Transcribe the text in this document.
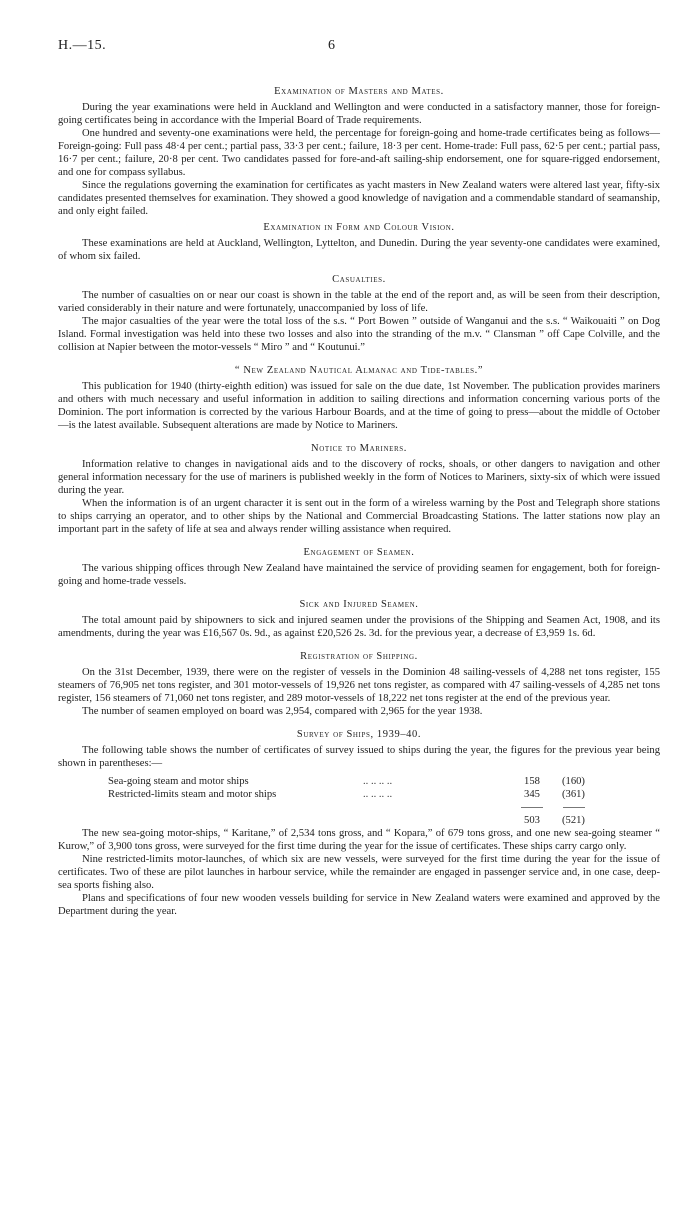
H.—15.	6
Examination of Masters and Mates.

During the year examinations were held in Auckland and Wellington and were conducted in a satisfactory manner, those for foreign-going certificates being in accordance with the Imperial Board of Trade requirements.

One hundred and seventy-one examinations were held, the percentage for foreign-going and home-trade certificates being as follows—Foreign-going: Full pass 48·4 per cent.; partial pass, 33·3 per cent.; failure, 18·3 per cent. Home-trade: Full pass, 62·5 per cent.; partial pass, 16·7 per cent.; failure, 20·8 per cent. Two candidates passed for fore-and-aft sailing-ship endorsement, one for square-rigged endorsement, and one for compass syllabus.

Since the regulations governing the examination for certificates as yacht masters in New Zealand waters were altered last year, fifty-six candidates presented themselves for examination. They showed a good knowledge of navigation and a commendable standard of seamanship, and only eight failed.

Examination in Form and Colour Vision.

These examinations are held at Auckland, Wellington, Lyttelton, and Dunedin. During the year seventy-one candidates were examined, of whom six failed.

Casualties.

The number of casualties on or near our coast is shown in the table at the end of the report and, as will be seen from their description, varied considerably in their nature and were fortunately, unaccompanied by loss of life.

The major casualties of the year were the total loss of the s.s. “ Port Bowen ” outside of Wanganui and the s.s. “ Waikouaiti ” on Dog Island. Formal investigation was held into these two losses and also into the stranding of the m.v. “ Clansman ” off Cape Colville, and the collision at Napier between the motor-vessels “ Miro ” and “ Koutunui.”

“ New Zealand Nautical Almanac and Tide-tables.”

This publication for 1940 (thirty-eighth edition) was issued for sale on the due date, 1st November. The publication provides mariners and others with much necessary and useful information in addition to sailing directions and information concerning various ports of the Dominion. The port information is corrected by the various Harbour Boards, and at the time of going to press—about the middle of October—is the latest available. Subsequent alterations are made by Notice to Mariners.

Notice to Mariners.

Information relative to changes in navigational aids and to the discovery of rocks, shoals, or other dangers to navigation and other general information necessary for the use of mariners is published weekly in the form of Notices to Mariners, sixty-six of which were issued during the year.

When the information is of an urgent character it is sent out in the form of a wireless warning by the Post and Telegraph shore stations to ships carrying an operator, and to other ships by the National and Commercial Broadcasting Stations. The latter stations now play an important part in the safety of life at sea and always render willing assistance when required.

Engagement of Seamen.

The various shipping offices through New Zealand have maintained the service of providing seamen for engagement, both for foreign-going and home-trade vessels.

Sick and Injured Seamen.

The total amount paid by shipowners to sick and injured seamen under the provisions of the Shipping and Seamen Act, 1908, and its amendments, during the year was £16,567 0s. 9d., as against £20,526 2s. 3d. for the previous year, a decrease of £3,959 1s. 6d.

Registration of Shipping.

On the 31st December, 1939, there were on the register of vessels in the Dominion 48 sailing-vessels of 4,288 net tons register, 155 steamers of 76,905 net tons register, and 301 motor-vessels of 19,926 net tons register, as compared with 47 sailing-vessels of 4,285 net tons register, 156 steamers of 71,060 net tons register, and 289 motor-vessels of 18,222 net tons register at the end of the previous year.

The number of seamen employed on board was 2,954, compared with 2,965 for the year 1938.

Survey of Ships, 1939–40.

The following table shows the number of certificates of survey issued to ships during the year, the figures for the previous year being shown in parentheses:—

Sea-going steam and motor ships	.. .. .. ..	158	(160)
Restricted-limits steam and motor ships	.. .. .. ..	345	(361)

		503	(521)

The new sea-going motor-ships, “ Karitane,” of 2,534 tons gross, and “ Kopara,” of 679 tons gross, and one new sea-going steamer “ Kurow,” of 3,900 tons gross, were surveyed for the first time during the year for the issue of certificates. These ships carry cargo only.

Nine restricted-limits motor-launches, of which six are new vessels, were surveyed for the first time during the year for the issue of certificates. Two of these are pilot launches in harbour service, while the remainder are engaged in passenger service and, in one case, deep-sea sports fishing also.

Plans and specifications of four new wooden vessels building for service in New Zealand waters were examined and approved by the Department during the year.
